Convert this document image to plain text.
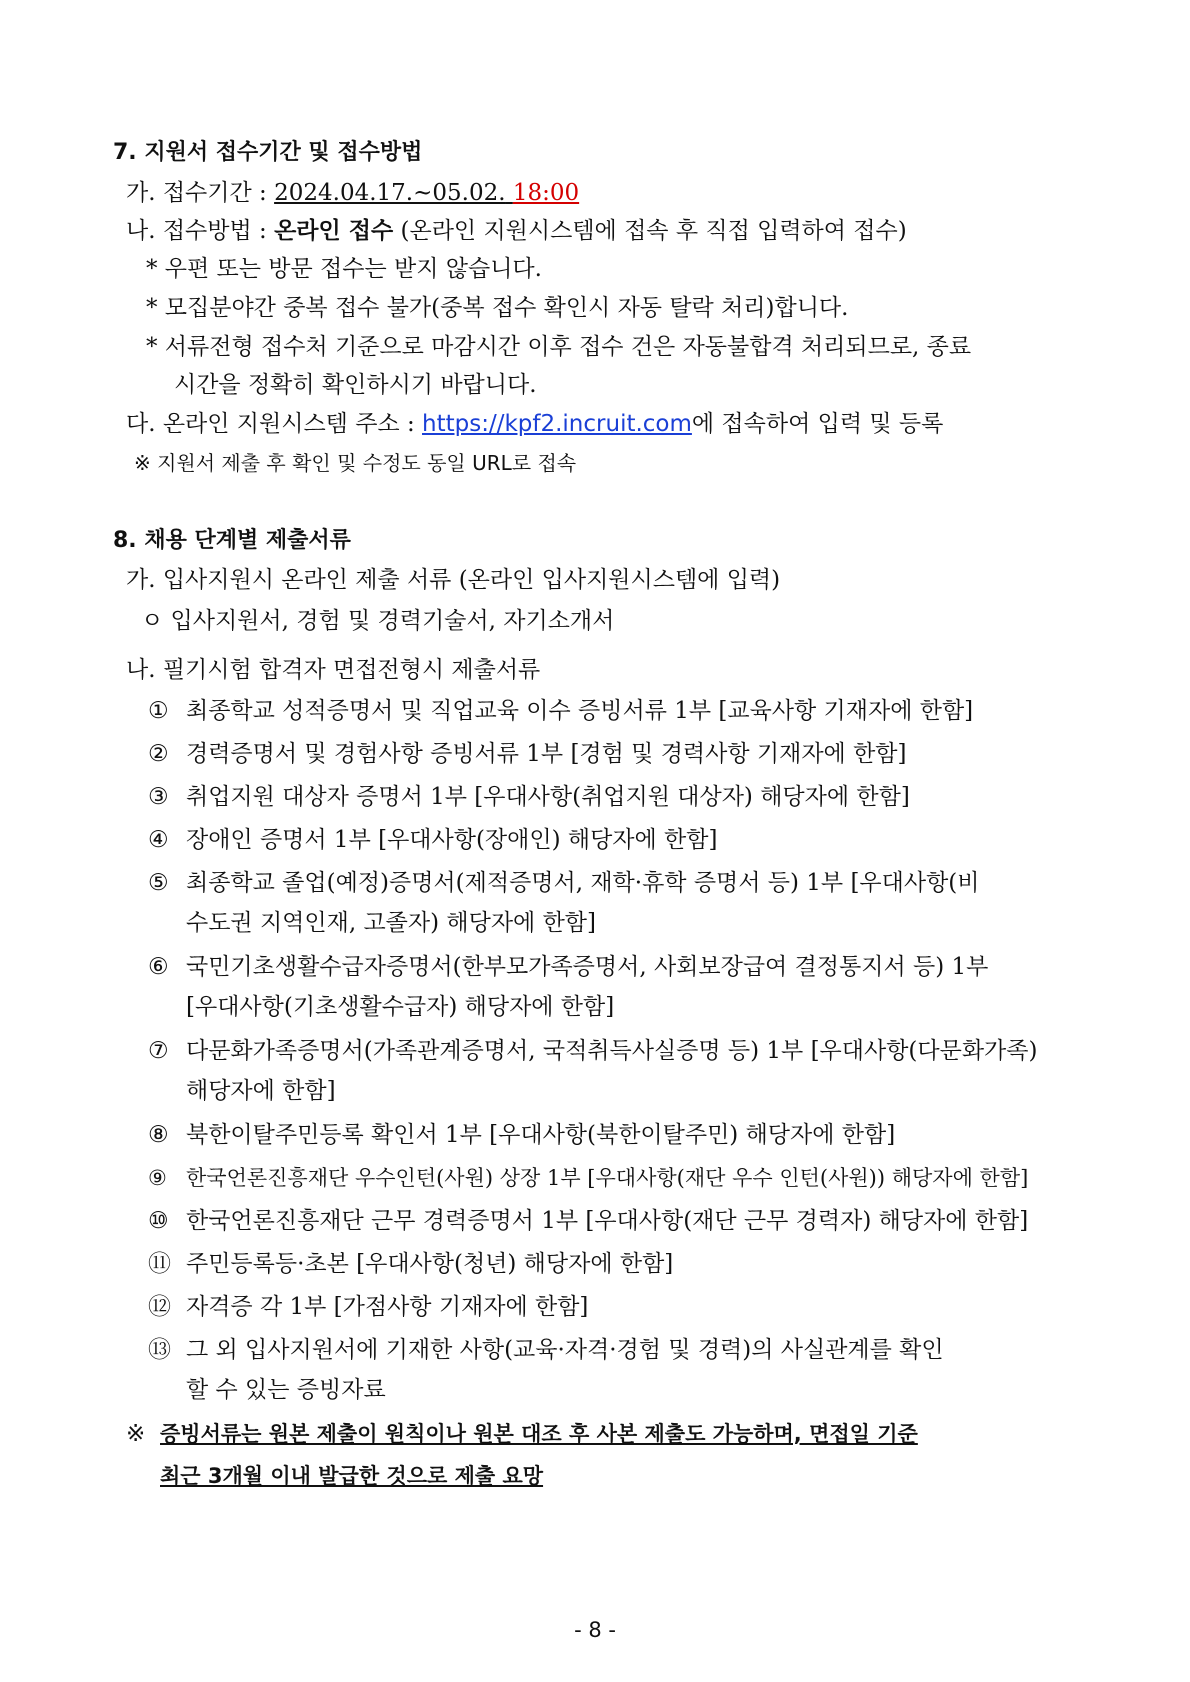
7. 지원서 접수기간 및 접수방법
가. 접수기간 : 2024.04.17.~05.02. 18:00
나. 접수방법 : 온라인 접수 (온라인 지원시스템에 접속 후 직접 입력하여 접수)
* 우편 또는 방문 접수는 받지 않습니다.
* 모집분야간 중복 접수 불가(중복 접수 확인시 자동 탈락 처리)합니다.
* 서류전형 접수처 기준으로 마감시간 이후 접수 건은 자동불합격 처리되므로, 종료
시간을 정확히 확인하시기 바랍니다.
다. 온라인 지원시스템 주소 : https://kpf2.incruit.com에 접속하여 입력 및 등록
※ 지원서 제출 후 확인 및 수정도 동일 URL로 접속
8. 채용 단계별 제출서류
가. 입사지원시 온라인 제출 서류 (온라인 입사지원시스템에 입력)
ㅇ 입사지원서, 경험 및 경력기술서, 자기소개서
나. 필기시험 합격자 면접전형시 제출서류
① 최종학교 성적증명서 및 직업교육 이수 증빙서류 1부 [교육사항 기재자에 한함]
② 경력증명서 및 경험사항 증빙서류 1부 [경험 및 경력사항 기재자에 한함]
③ 취업지원 대상자 증명서 1부 [우대사항(취업지원 대상자) 해당자에 한함]
④ 장애인 증명서 1부 [우대사항(장애인) 해당자에 한함]
⑤ 최종학교 졸업(예정)증명서(제적증명서, 재학·휴학 증명서 등) 1부 [우대사항(비
수도권 지역인재, 고졸자) 해당자에 한함]
⑥ 국민기초생활수급자증명서(한부모가족증명서, 사회보장급여 결정통지서 등) 1부
[우대사항(기초생활수급자) 해당자에 한함]
⑦ 다문화가족증명서(가족관계증명서, 국적취득사실증명 등) 1부 [우대사항(다문화가족)
해당자에 한함]
⑧ 북한이탈주민등록 확인서 1부 [우대사항(북한이탈주민) 해당자에 한함]
⑨ 한국언론진흥재단 우수인턴(사원) 상장 1부 [우대사항(재단 우수 인턴(사원)) 해당자에 한함]
⑩ 한국언론진흥재단 근무 경력증명서 1부 [우대사항(재단 근무 경력자) 해당자에 한함]
⑪ 주민등록등·초본 [우대사항(청년) 해당자에 한함]
⑫ 자격증 각 1부 [가점사항 기재자에 한함]
⑬ 그 외 입사지원서에 기재한 사항(교육·자격·경험 및 경력)의 사실관계를 확인
할 수 있는 증빙자료
※ 증빙서류는 원본 제출이 원칙이나 원본 대조 후 사본 제출도 가능하며, 면접일 기준
최근 3개월 이내 발급한 것으로 제출 요망
- 8 -
